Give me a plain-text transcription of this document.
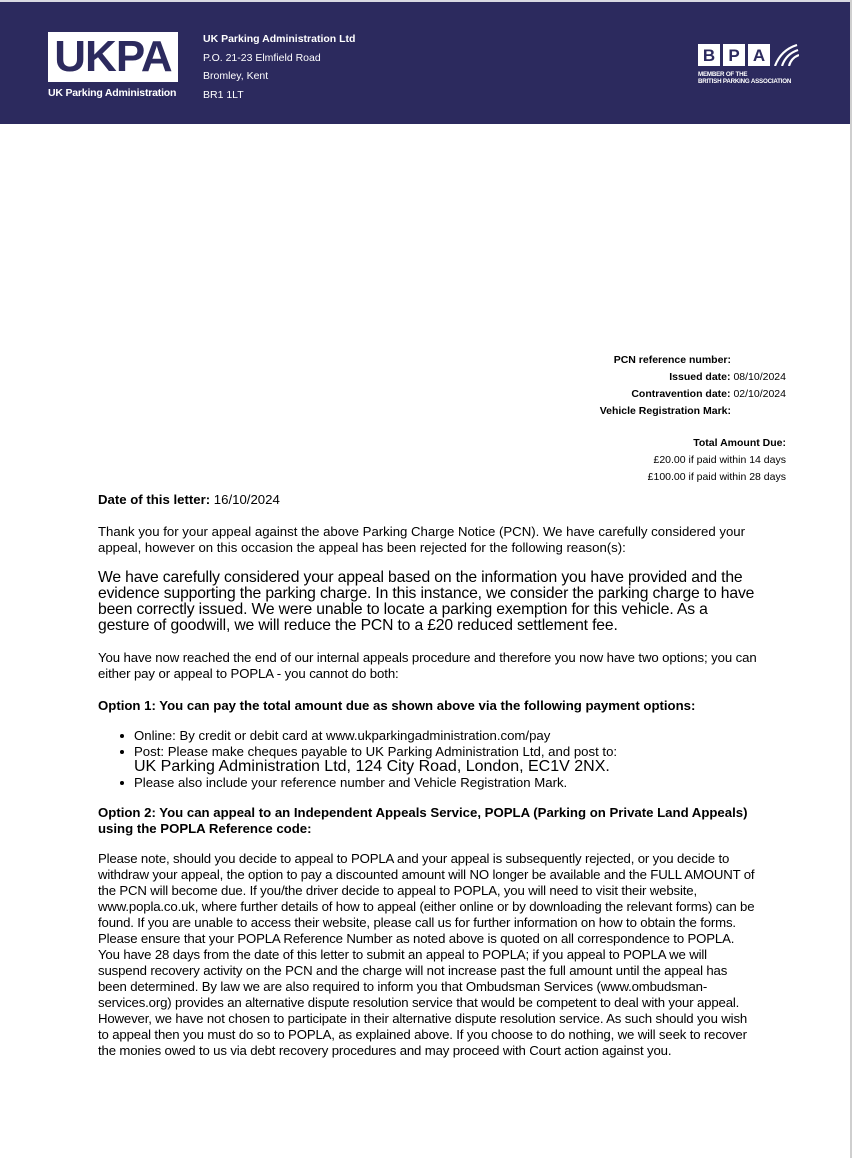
UKPA
UK Parking Administration
UK Parking Administration Ltd
P.O. 21-23 Elmfield Road
Bromley, Kent
BR1 1LT
B P A
MEMBER OF THE
BRITISH PARKING ASSOCIATION
PCN reference number:
Issued date: 08/10/2024
Contravention date: 02/10/2024
Vehicle Registration Mark:
Total Amount Due:
£20.00 if paid within 14 days
£100.00 if paid within 28 days

Date of this letter: 16/10/2024

Thank you for your appeal against the above Parking Charge Notice (PCN). We have carefully considered your appeal, however on this occasion the appeal has been rejected for the following reason(s):

We have carefully considered your appeal based on the information you have provided and the evidence supporting the parking charge. In this instance, we consider the parking charge to have been correctly issued. We were unable to locate a parking exemption for this vehicle. As a gesture of goodwill, we will reduce the PCN to a £20 reduced settlement fee.

You have now reached the end of our internal appeals procedure and therefore you now have two options; you can either pay or appeal to POPLA - you cannot do both:

Option 1: You can pay the total amount due as shown above via the following payment options:

Online: By credit or debit card at www.ukparkingadministration.com/pay
Post: Please make cheques payable to UK Parking Administration Ltd, and post to:
UK Parking Administration Ltd, 124 City Road, London, EC1V 2NX.
Please also include your reference number and Vehicle Registration Mark.

Option 2: You can appeal to an Independent Appeals Service, POPLA (Parking on Private Land Appeals) using the POPLA Reference code:

Please note, should you decide to appeal to POPLA and your appeal is subsequently rejected, or you decide to withdraw your appeal, the option to pay a discounted amount will NO longer be available and the FULL AMOUNT of the PCN will become due. If you/the driver decide to appeal to POPLA, you will need to visit their website, www.popla.co.uk, where further details of how to appeal (either online or by downloading the relevant forms) can be found. If you are unable to access their website, please call us for further information on how to obtain the forms. Please ensure that your POPLA Reference Number as noted above is quoted on all correspondence to POPLA. You have 28 days from the date of this letter to submit an appeal to POPLA; if you appeal to POPLA we will suspend recovery activity on the PCN and the charge will not increase past the full amount until the appeal has been determined. By law we are also required to inform you that Ombudsman Services (www.ombudsman-services.org) provides an alternative dispute resolution service that would be competent to deal with your appeal. However, we have not chosen to participate in their alternative dispute resolution service. As such should you wish to appeal then you must do so to POPLA, as explained above. If you choose to do nothing, we will seek to recover the monies owed to us via debt recovery procedures and may proceed with Court action against you.
